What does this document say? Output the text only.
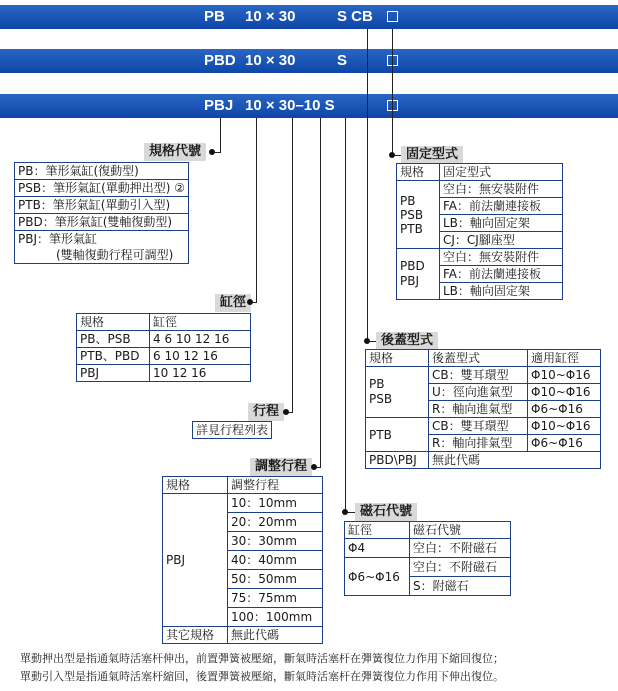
PB 10 × 30	S CB
PBD 10 × 30	S
PBJ 10 × 30–10 S
規格代號
PB：筆形氣缸(復動型)
PSB：筆形氣缸(單動押出型) ②
PTB：筆形氣缸(單動引入型)
PBD：筆形氣缸(雙軸復動型)

PBJ：筆形氣缸
(雙軸復動行程可調型)
缸徑
規格	缸徑
PB、PSB	4 6 10 12 16
PTB、PBD	6 10 12 16
PBJ	10 12 16
行程
詳見行程列表
調整行程
規格	調整行程
PBJ	10：10mm
	20：20mm
	30：30mm
	40：40mm
	50：50mm
	75：75mm
	100：100mm
其它規格	無此代碼
固定型式
規格	固定型式

PB
PSB
PTB	空白：無安裝附件
	FA：前法蘭連接板
	LB：軸向固定架
	CJ：CJ腳座型

PBD
PBJ	空白：無安裝附件
	FA：前法蘭連接板
	LB：軸向固定架
後蓋型式
規格	後蓋型式	適用缸徑

PB
PSB	CB：雙耳環型	Φ10~Φ16
	U：徑向進氣型	Φ10~Φ16
	R：軸向進氣型	Φ6~Φ16
PTB	CB：雙耳環型	Φ10~Φ16
	R：軸向排氣型	Φ6~Φ16
PBD\PBJ	無此代碼	
磁石代號
缸徑	磁石代號
Φ4	空白：不附磁石
Φ6~Φ16	空白：不附磁石
	S：附磁石
單動押出型是指通氣時活塞杆伸出，前置彈簧被壓縮，斷氣時活塞杆在彈簧復位力作用下縮回復位；
單動引入型是指通氣時活塞杆縮回，後置彈簧被壓縮，斷氣時活塞杆在彈簧復位力作用下伸出復位。
